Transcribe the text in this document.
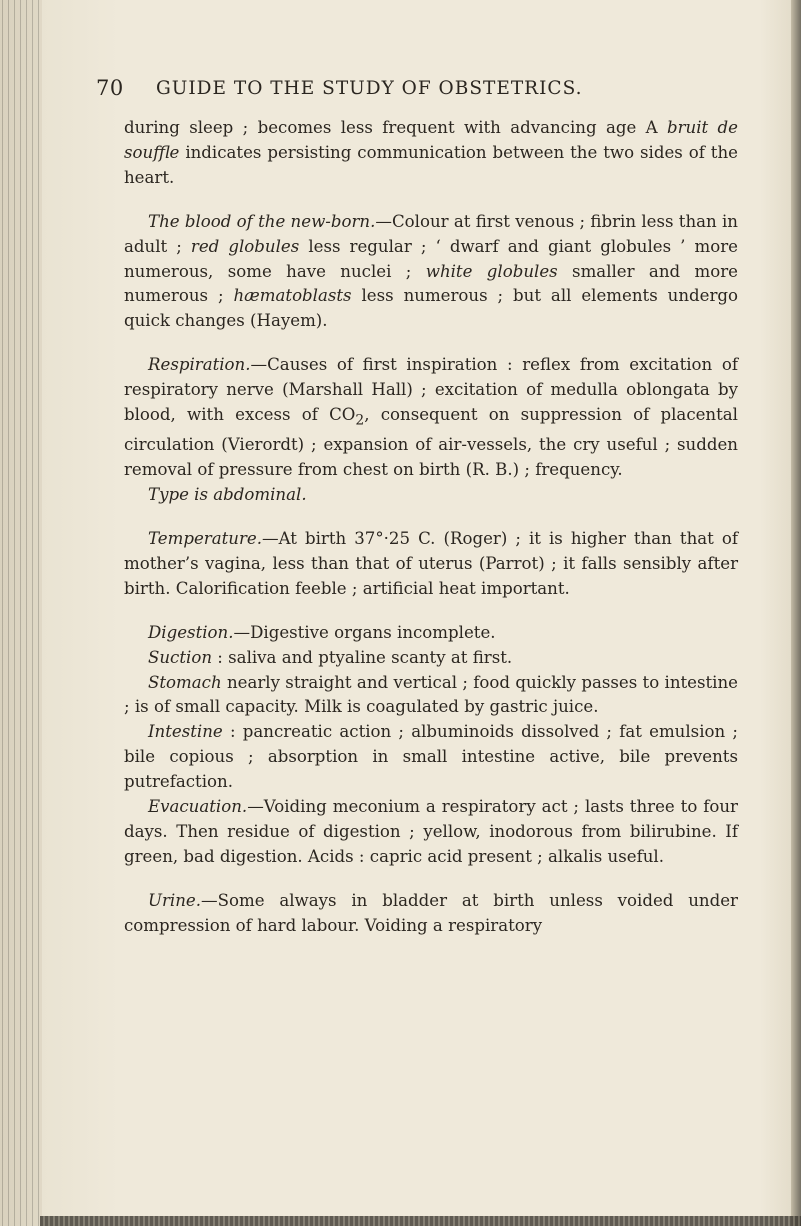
70 GUIDE TO THE STUDY OF OBSTETRICS.

during sleep ; becomes less frequent with advancing age A bruit de souffle indicates persisting communication between the two sides of the heart.

The blood of the new-born.—Colour at first venous ; fibrin less than in adult ; red globules less regular ; ‘ dwarf and giant globules ’ more numerous, some have nuclei ; white globules smaller and more numerous ; hæmatoblasts less numerous ; but all elements undergo quick changes (Hayem).

Respiration.—Causes of first inspiration : reflex from excitation of respiratory nerve (Marshall Hall) ; excitation of medulla oblongata by blood, with excess of $CO_2$, consequent on suppression of placental circulation (Vierordt) ; expansion of air-vessels, the cry useful ; sudden removal of pressure from chest on birth (R. B.) ; frequency.

Type is abdominal.

Temperature.—At birth 37°·25 C. (Roger) ; it is higher than that of mother’s vagina, less than that of uterus (Parrot) ; it falls sensibly after birth. Calorification feeble ; artificial heat important.

Digestion.—Digestive organs incomplete.

Suction : saliva and ptyaline scanty at first.

Stomach nearly straight and vertical ; food quickly passes to intestine ; is of small capacity. Milk is coagulated by gastric juice.

Intestine : pancreatic action ; albuminoids dissolved ; fat emulsion ; bile copious ; absorption in small intestine active, bile prevents putrefaction.

Evacuation.—Voiding meconium a respiratory act ; lasts three to four days. Then residue of digestion ; yellow, inodorous from bilirubine. If green, bad digestion. Acids : capric acid present ; alkalis useful.

Urine.—Some always in bladder at birth unless voided under compression of hard labour. Voiding a respiratory
